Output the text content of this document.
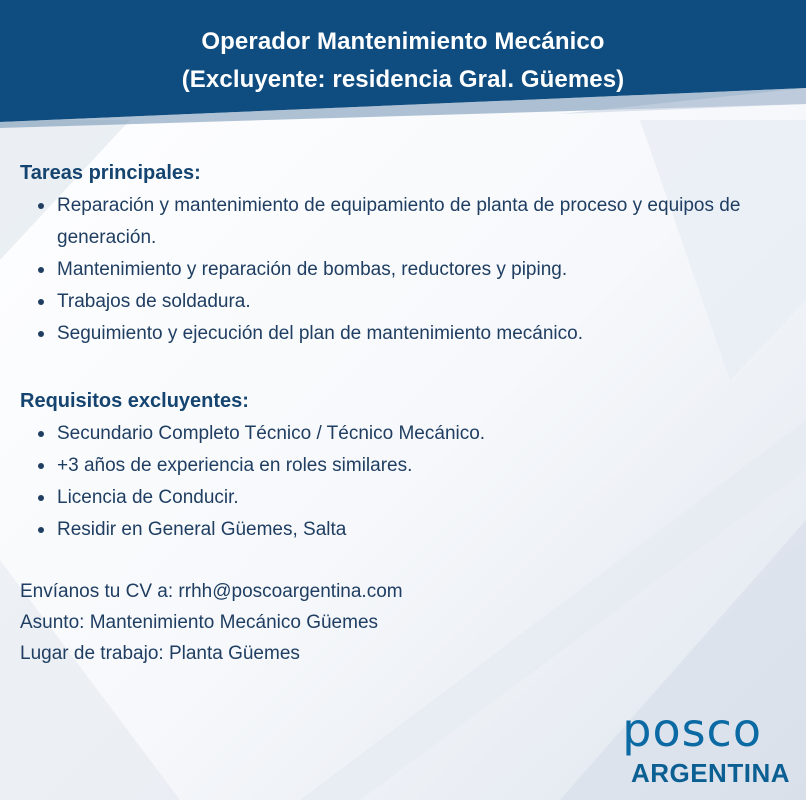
Operador Mantenimiento Mecánico
(Excluyente: residencia Gral. Güemes)
Tareas principales:
Reparación y mantenimiento de equipamiento de planta de proceso y equipos de generación.
Mantenimiento y reparación de bombas, reductores y piping.
Trabajos de soldadura.
Seguimiento y ejecución del plan de mantenimiento mecánico.
Requisitos excluyentes:
Secundario Completo Técnico / Técnico Mecánico.
+3 años de experiencia en roles similares.
Licencia de Conducir.
Residir en General Güemes, Salta
Envíanos tu CV a: rrhh@poscoargentina.com
Asunto: Mantenimiento Mecánico Güemes
Lugar de trabajo: Planta Güemes
posco
ARGENTINA
